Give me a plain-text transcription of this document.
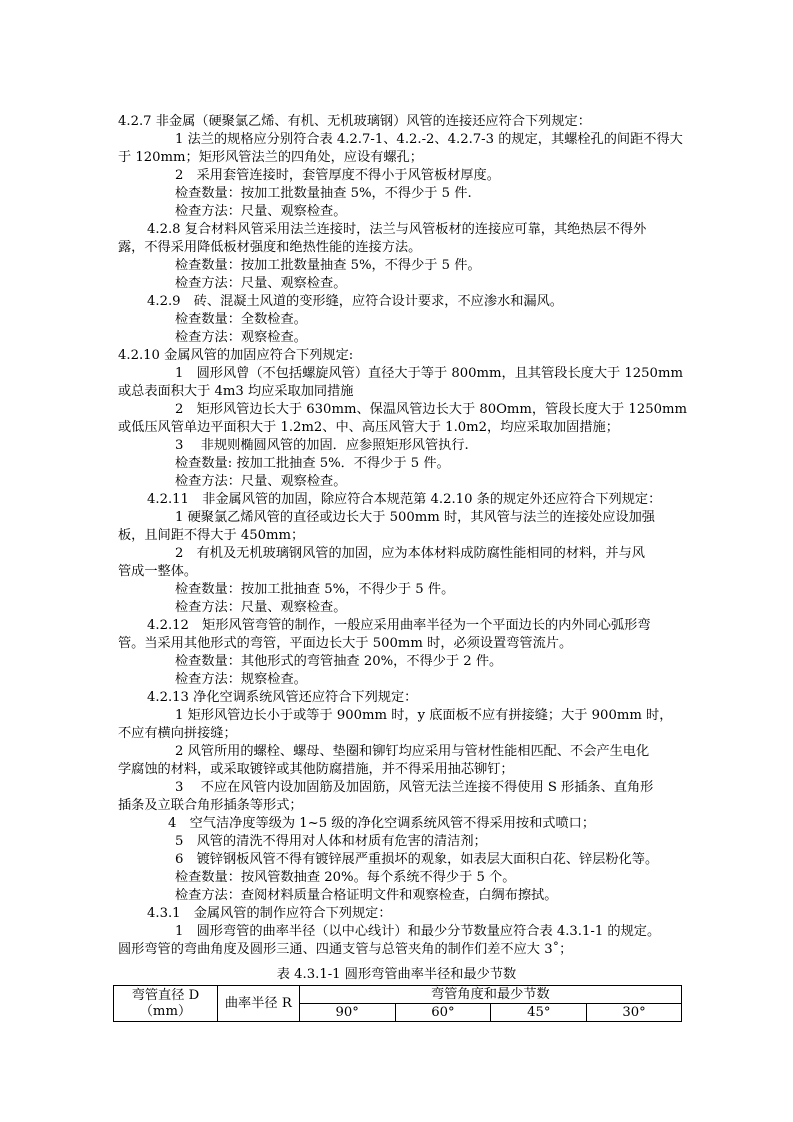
4.2.7 非金属（硬聚氯乙烯、有机、无机玻璃钢）风管的连接还应符合下列规定：
1 法兰的规格应分别符合表 4.2.7-1、4.2.-2、4.2.7-3 的规定，其螺栓孔的间距不得大
于 120mm；矩形风管法兰的四角处，应设有螺孔；
2　采用套管连接时，套管厚度不得小于风管板材厚度。
检查数量：按加工批数量抽查 5%，不得少于 5 件.
检查方法：尺量、观察检查。
4.2.8 复合材料风管采用法兰连接时，法兰与风管板材的连接应可靠，其绝热层不得外
露，不得采用降低板材强度和绝热性能的连接方法。
检查数量：按加工批数量抽查 5%，不得少于 5 件。
检查方法：尺量、观察检查。
4.2.9　砖、混凝土风道的变形缝，应符合设计要求，不应渗水和漏风。
检查数量：全数检查。
检查方法：观察检查。
4.2.10 金属风管的加固应符合下列规定:
1　圆形风曾（不包括螺旋风管）直径大于等于 800mm，且其管段长度大于 1250mm
或总表面积大于 4m3 均应采取加同措施
2　矩形风管边长大于 630mm、保温风管边长大于 80Omm，管段长度大于 1250mm
或低压风管单边平面积大于 1.2m2、中、高压风管大于 1.0m2，均应采取加固措施；
3　 非规则椭圆风管的加固．应参照矩形风管执行.
检查数量: 按加工批抽查 5%．不得少于 5 件。
检查方法：尺量、观察检查。
4.2.11　非金属风管的加固，除应符合本规范第 4.2.10 条的规定外还应符合下列规定：
1 硬聚氯乙烯风管的直径或边长大于 500mm 时，其风管与法兰的连接处应设加强
板，且间距不得大于 450mm；
2　有机及无机玻璃钢风管的加固，应为本体材料成防腐性能相同的材料，并与风
管成一整体。
检查数量：按加工批抽查 5%，不得少于 5 件。
检查方法：尺量、观察检查。
4.2.12　矩形风管弯管的制作，一般应采用曲率半径为一个平面边长的内外同心弧形弯
管。当采用其他形式的弯管，平面边长大于 500mm 时，必须设置弯管流片。
检查数量：其他形式的弯管抽查 20%，不得少于 2 件。
检查方法：规察检查。
4.2.13 净化空调系统风管还应符合下列规定：
1 矩形风管边长小于或等于 900mm 时，y 底面板不应有拼接缝；大于 900mm 时，
不应有横向拼接缝；
2 风管所用的螺栓、螺母、垫圈和铆钉均应采用与管材性能相匹配、不会产生电化
学腐蚀的材料，或采取镀锌或其他防腐措施，并不得采用抽芯铆钉；
3　 不应在风管内设加固筋及加固筋，风管无法兰连接不得使用 S 形插条、直角形
插条及立联合角形插条等形式；
4　空气洁净度等级为 1~5 级的净化空调系统风管不得采用按和式喷口；
5　风管的清洗不得用对人体和材质有危害的清洁剂；
6　镀锌钢板风管不得有镀锌展严重损坏的观象，如表层大面积白花、锌层粉化等。
检查数量：按风管数抽查 20%。每个系统不得少于 5 个。
检查方法：查阅材料质量合格证明文件和观察检查，白绸布擦拭。
4.3.1　金属风管的制作应符合下列规定：
1　圆形弯管的曲率半径（以中心线计）和最少分节数量应符合表 4.3.1-1 的规定。
圆形弯管的弯曲角度及圆形三通、四通支管与总管夹角的制作们差不应大 3˚；
表 4.3.1-1 圆形弯管曲率半径和最少节数
弯管直径 D（mm）	曲率半径 R	弯管角度和最少节数			
		90°	60°	45°	30°
